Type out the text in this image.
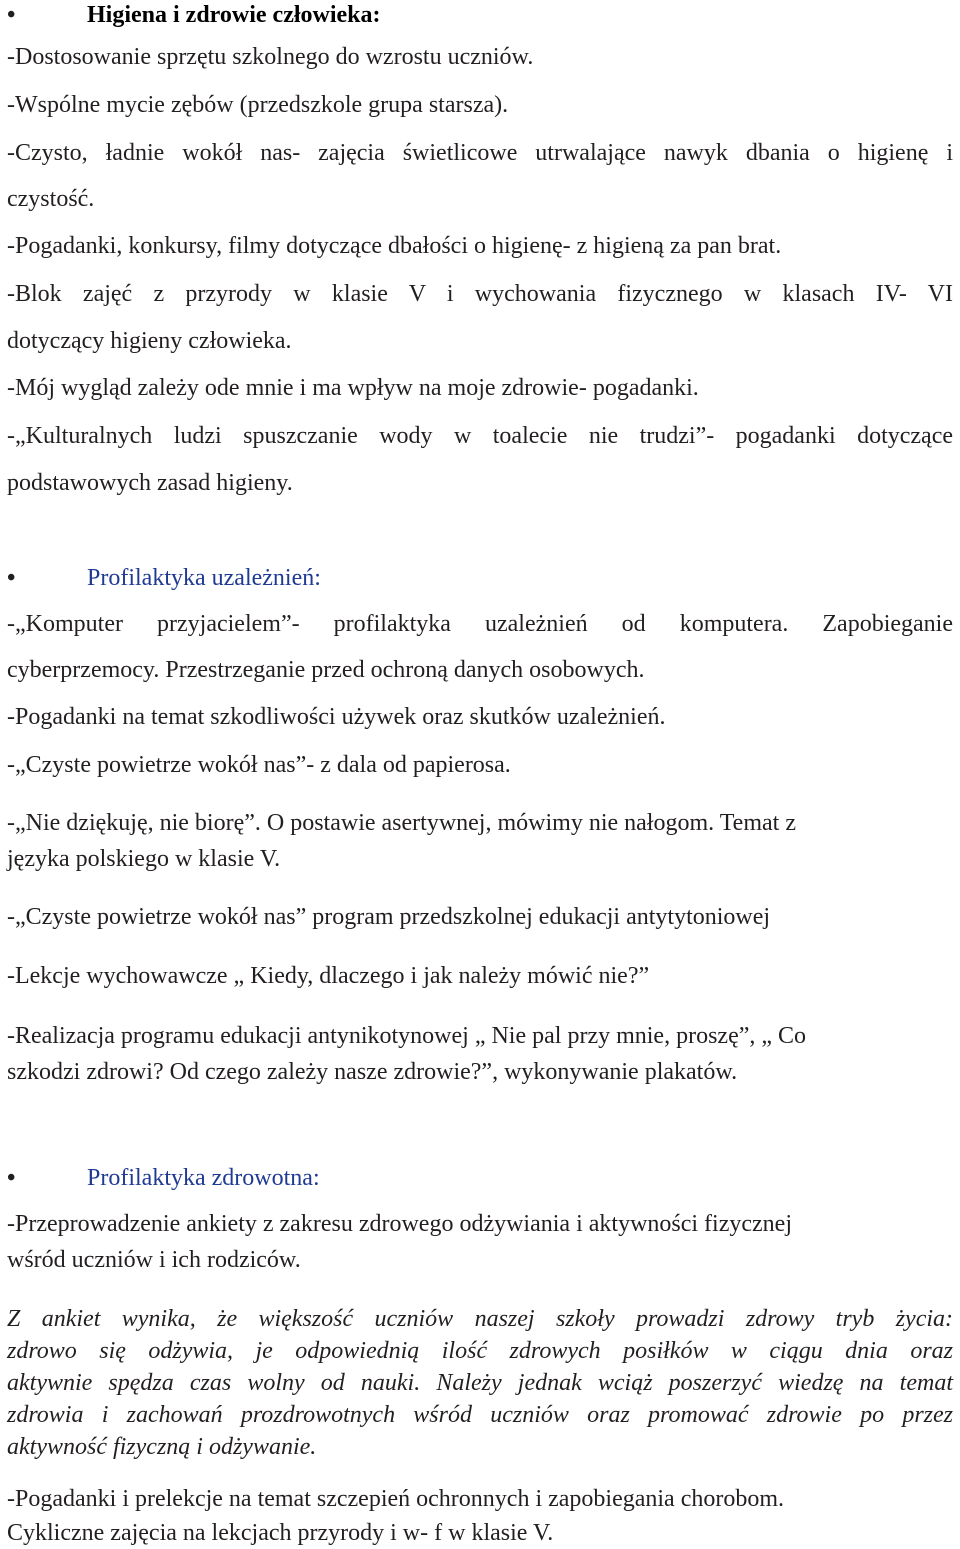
•	Higiena i zdrowie człowieka:
-Dostosowanie sprzętu szkolnego do wzrostu uczniów.
-Wspólne mycie zębów (przedszkole grupa starsza).
-Czysto, ładnie wokół nas- zajęcia świetlicowe utrwalające nawyk dbania o higienę i
czystość.
-Pogadanki, konkursy, filmy dotyczące dbałości o higienę- z higieną za pan brat.
-Blok zajęć z przyrody w klasie V i wychowania fizycznego w klasach IV- VI
dotyczący higieny człowieka.
-Mój wygląd zależy ode mnie i ma wpływ na moje zdrowie- pogadanki.
-„Kulturalnych ludzi spuszczanie wody w toalecie nie trudzi”- pogadanki dotyczące
podstawowych zasad higieny.
•	Profilaktyka uzależnień:
-„Komputer przyjacielem”- profilaktyka uzależnień od komputera. Zapobieganie
cyberprzemocy. Przestrzeganie przed ochroną danych osobowych.
-Pogadanki na temat szkodliwości używek oraz skutków uzależnień.
-„Czyste powietrze wokół nas”- z dala od papierosa.
-„Nie dziękuję, nie biorę”. O postawie asertywnej, mówimy nie nałogom. Temat z
języka polskiego w klasie V.
-„Czyste powietrze wokół nas” program przedszkolnej edukacji antytytoniowej
-Lekcje wychowawcze „ Kiedy, dlaczego i jak należy mówić nie?”
-Realizacja programu edukacji antynikotynowej „ Nie pal przy mnie, proszę”, „ Co
szkodzi zdrowi? Od czego zależy nasze zdrowie?”, wykonywanie plakatów.
•	Profilaktyka zdrowotna:
-Przeprowadzenie ankiety z zakresu zdrowego odżywiania i aktywności fizycznej
wśród uczniów i ich rodziców.
Z ankiet wynika, że większość uczniów naszej szkoły prowadzi zdrowy tryb życia:
zdrowo się odżywia, je odpowiednią ilość zdrowych posiłków w ciągu dnia oraz
aktywnie spędza czas wolny od nauki. Należy jednak wciąż poszerzyć wiedzę na temat
zdrowia i zachowań prozdrowotnych wśród uczniów oraz promować zdrowie po przez
aktywność fizyczną i odżywanie.
-Pogadanki i prelekcje na temat szczepień ochronnych i zapobiegania chorobom.
Cykliczne zajęcia na lekcjach przyrody i w- f w klasie V.
